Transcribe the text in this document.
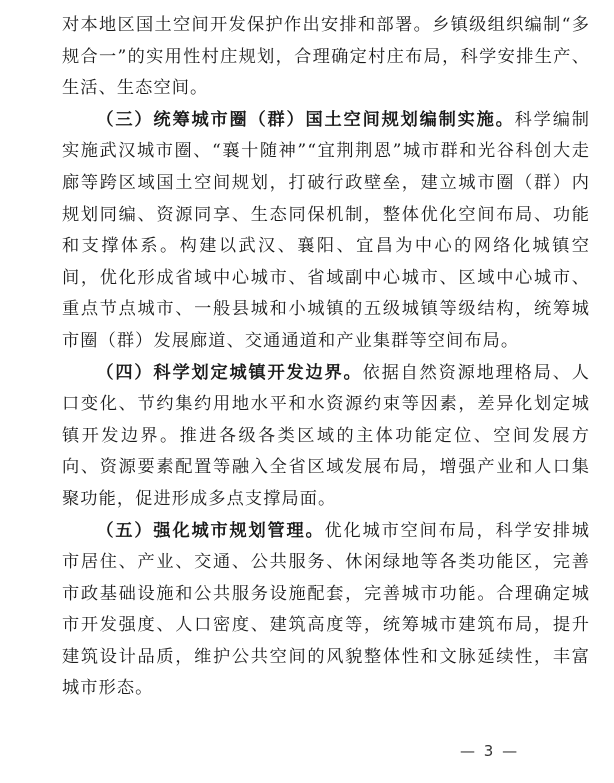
对本地区国土空间开发保护作出安排和部署。乡镇级组织编制“多规合一”的实用性村庄规划，合理确定村庄布局，科学安排生产、生活、生态空间。

（三）统筹城市圈（群）国土空间规划编制实施。科学编制实施武汉城市圈、“襄十随神”“宜荆荆恩”城市群和光谷科创大走廊等跨区域国土空间规划，打破行政壁垒，建立城市圈（群）内规划同编、资源同享、生态同保机制，整体优化空间布局、功能和支撑体系。构建以武汉、襄阳、宜昌为中心的网络化城镇空间，优化形成省域中心城市、省域副中心城市、区域中心城市、重点节点城市、一般县城和小城镇的五级城镇等级结构，统筹城市圈（群）发展廊道、交通通道和产业集群等空间布局。

（四）科学划定城镇开发边界。依据自然资源地理格局、人口变化、节约集约用地水平和水资源约束等因素，差异化划定城镇开发边界。推进各级各类区域的主体功能定位、空间发展方向、资源要素配置等融入全省区域发展布局，增强产业和人口集聚功能，促进形成多点支撑局面。

（五）强化城市规划管理。优化城市空间布局，科学安排城市居住、产业、交通、公共服务、休闲绿地等各类功能区，完善市政基础设施和公共服务设施配套，完善城市功能。合理确定城市开发强度、人口密度、建筑高度等，统筹城市建筑布局，提升建筑设计品质，维护公共空间的风貌整体性和文脉延续性，丰富城市形态。

— 3 —
